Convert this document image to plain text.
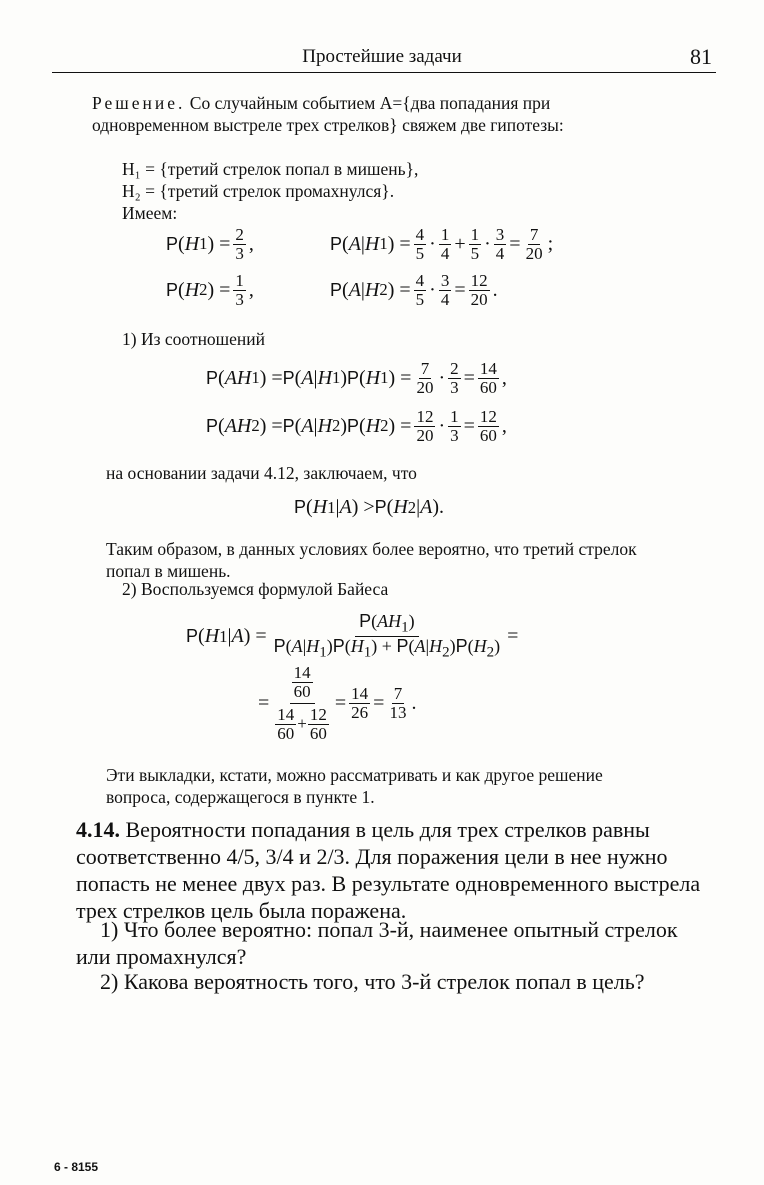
Простейшие задачи	81
Решение. Со случайным событием A={два попадания при одновременном выстреле трех стрелков} свяжем две гипотезы:
H₁ = {третий стрелок попал в мишень},
H₂ = {третий стрелок промахнулся}.
Имеем:
P ( H 1 ) = $\frac{2}{3}$ ,	P ( A | H 1 ) = $\frac{4}{5} \cdot \frac{1}{4} + \frac{1}{5} \cdot \frac{3}{4} = \frac{7}{20}$ ;
P ( H 2 ) = $\frac{1}{3}$ ,	P ( A | H 2 ) = $\frac{4}{5} \cdot \frac{3}{4} = \frac{12}{20}$ .
1) Из соотношений
P ( AH 1 ) = P ( A | H 1 ) P ( H 1 ) = $\frac{7}{20} \cdot \frac{2}{3} = \frac{14}{60}$ ,
P ( AH 2 ) = P ( A | H 2 ) P ( H 2 ) = $\frac{12}{20} \cdot \frac{1}{3} = \frac{12}{60}$ ,
на основании задачи 4.12, заключаем, что
P ( H 1 | A ) > P ( H 2 | A ).
Таким образом, в данных условиях более вероятно, что третий стрелок попал в мишень.
2) Воспользуемся формулой Байеса
P ( H 1 | A ) = $\frac{P(AH_1)}{P(A|H_1)P(H_1) + P(A|H_2)P(H_2)}$ =
= $\frac{\frac{14}{60}}{\frac{14}{60} + \frac{12}{60}} = \frac{14}{26} = \frac{7}{13}$ .
Эти выкладки, кстати, можно рассматривать и как другое решение вопроса, содержащегося в пункте 1.
4.14. Вероятности попадания в цель для трех стрелков равны соответственно 4/5, 3/4 и 2/3. Для поражения цели в нее нужно попасть не менее двух раз. В результате одновременного выстрела трех стрелков цель была поражена.
1) Что более вероятно: попал 3-й, наименее опытный стрелок или промахнулся?
2) Какова вероятность того, что 3-й стрелок попал в цель?
6 - 8155
